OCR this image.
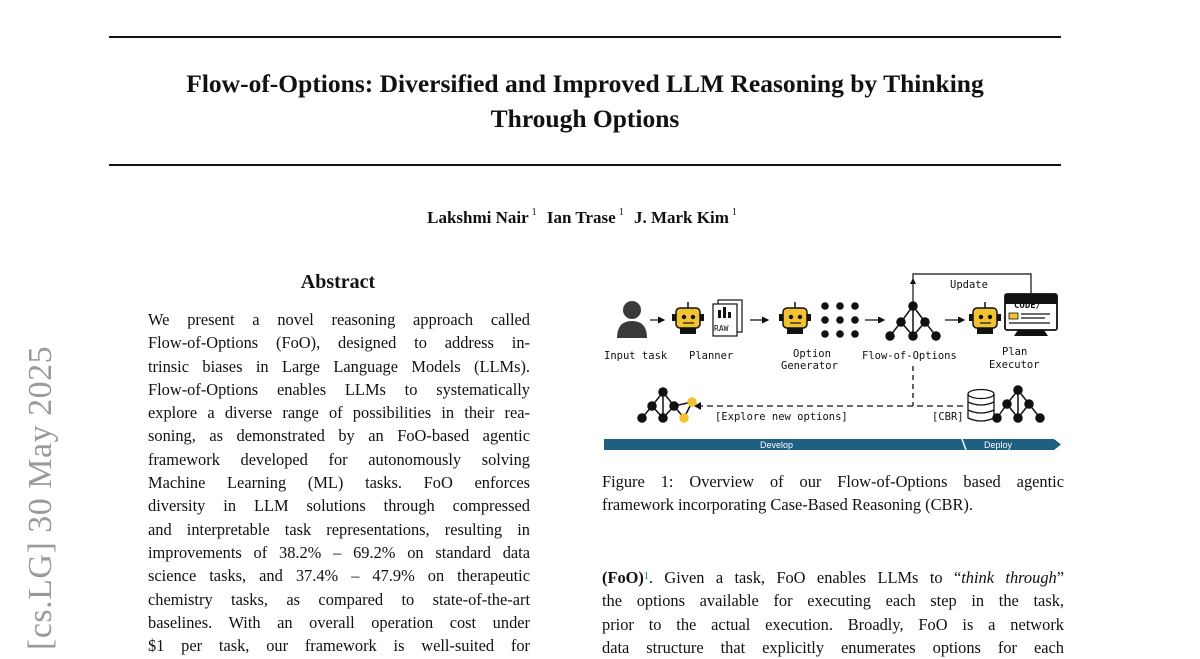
Flow-of-Options: Diversified and Improved LLM Reasoning by Thinking
Through Options
Lakshmi Nair $^1$ Ian Trase $^1$ J. Mark Kim $^1$
[cs.LG] 30 May 2025
Abstract
We present a novel reasoning approach called
Flow-of-Options (FoO), designed to address in-
trinsic biases in Large Language Models (LLMs).
Flow-of-Options enables LLMs to systematically
explore a diverse range of possibilities in their rea-
soning, as demonstrated by an FoO-based agentic
framework developed for autonomously solving
Machine Learning (ML) tasks. FoO enforces
diversity in LLM solutions through compressed
and interpretable task representations, resulting in
improvements of 38.2% – 69.2% on standard data
science tasks, and 37.4% – 47.9% on therapeutic
chemistry tasks, as compared to state-of-the-art
baselines. With an overall operation cost under
$1 per task, our framework is well-suited for
Update
RAW
CODE/
Input task Planner	Option
Generator
Flow-of-Options	Plan
Executor
[Explore new options]	[CBR]
Develop	Deploy
Figure 1: Overview of our Flow-of-Options based agentic
framework incorporating Case-Based Reasoning (CBR).
(FoO)$^1$. Given a task, FoO enables LLMs to “think through”
the options available for executing each step in the task,
prior to the actual execution. Broadly, FoO is a network
data structure that explicitly enumerates options for each
